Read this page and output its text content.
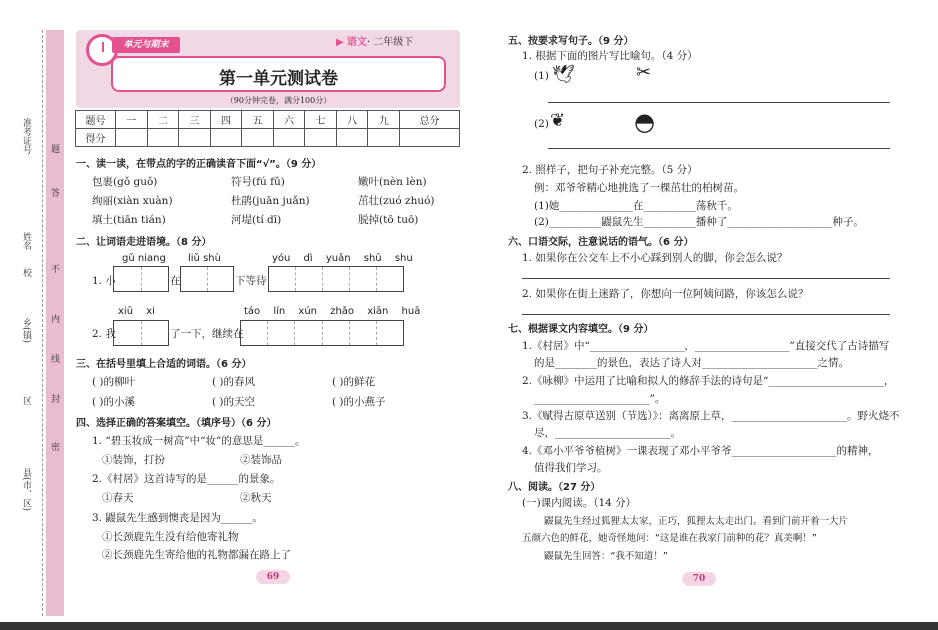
准考证号
姓名
校
乡(镇)
区
县(市、区)
题
答
不
内
线
封
密
单元与期末	▶ 语文· 二年级下
第一单元测试卷
（90分钟完卷，满分100分）
题号	一	二	三	四	五	六	七	八	九	总分
得分										
一、读一读，在带点的字的正确读音下面“√”。（9 分）
包裹(gǒ guǒ)	符号(fú fǔ)	嫩叶(nèn lèn)
绚丽(xiàn xuàn)	杜鹃(juān juǎn)	茁壮(zuó zhuó)
填土(tiān tián)	河堤(tí dī)	脱掉(tō tuō)
二、让词语走进语境。（8 分）
gǔ niang liǔ shù	yóu dì yuǎn shū shu
1. 小	在	下等待
xiū xi	táo lín xún zhǎo xiān huā
2. 我	了一下，继续在
三、在括号里填上合适的词语。（6 分）
( )的柳叶	( )的春风	( )的鲜花
( )的小溪	( )的天空	( )的小燕子
四、选择正确的答案填空。（填序号）（6 分）
1. “碧玉妆成一树高”中“妆”的意思是______。
①装饰，打扮	②装饰品
2.《村居》这首诗写的是______的景象。
①春天	②秋天
3. 鼹鼠先生感到懊丧是因为______。
①长颈鹿先生没有给他寄礼物
②长颈鹿先生寄给他的礼物都漏在路上了
69
五、按要求写句子。（9 分）
1. 根据下面的图片写比喻句。（4 分）
(1) 🕊	✂
(2) ❦	◓
2. 照样子，把句子补充完整。（5 分）
例：邓爷爷精心地挑选了一棵茁壮的柏树苗。
(1)她______________在__________荡秋千。
(2)__________鼹鼠先生__________播种了____________________种子。
六、口语交际，注意说话的语气。（6 分）
1. 如果你在公交车上不小心踩到别人的脚，你会怎么说？
2. 如果你在街上迷路了，你想向一位阿姨问路，你该怎么说？
七、根据课文内容填空。（9 分）
1.《村居》中“__________________，__________________”直接交代了古诗描写
的是________的景色，表达了诗人对______________________之情。
2.《咏柳》中运用了比喻和拟人的修辞手法的诗句是“______________________，
______________________”。
3.《赋得古原草送别（节选）》：离离原上草，______________________。野火烧不
尽，______________________。
4.《邓小平爷爷植树》一课表现了邓小平爷爷____________________的精神，
值得我们学习。
八、阅读。（27 分）
(一)课内阅读。（14 分）
鼹鼠先生经过狐狸太太家，正巧，狐狸太太走出门。看到门前开着一大片
五颜六色的鲜花，她奇怪地问：“这是谁在我家门前种的花？真美啊！”
鼹鼠先生回答：“我不知道！”
70
